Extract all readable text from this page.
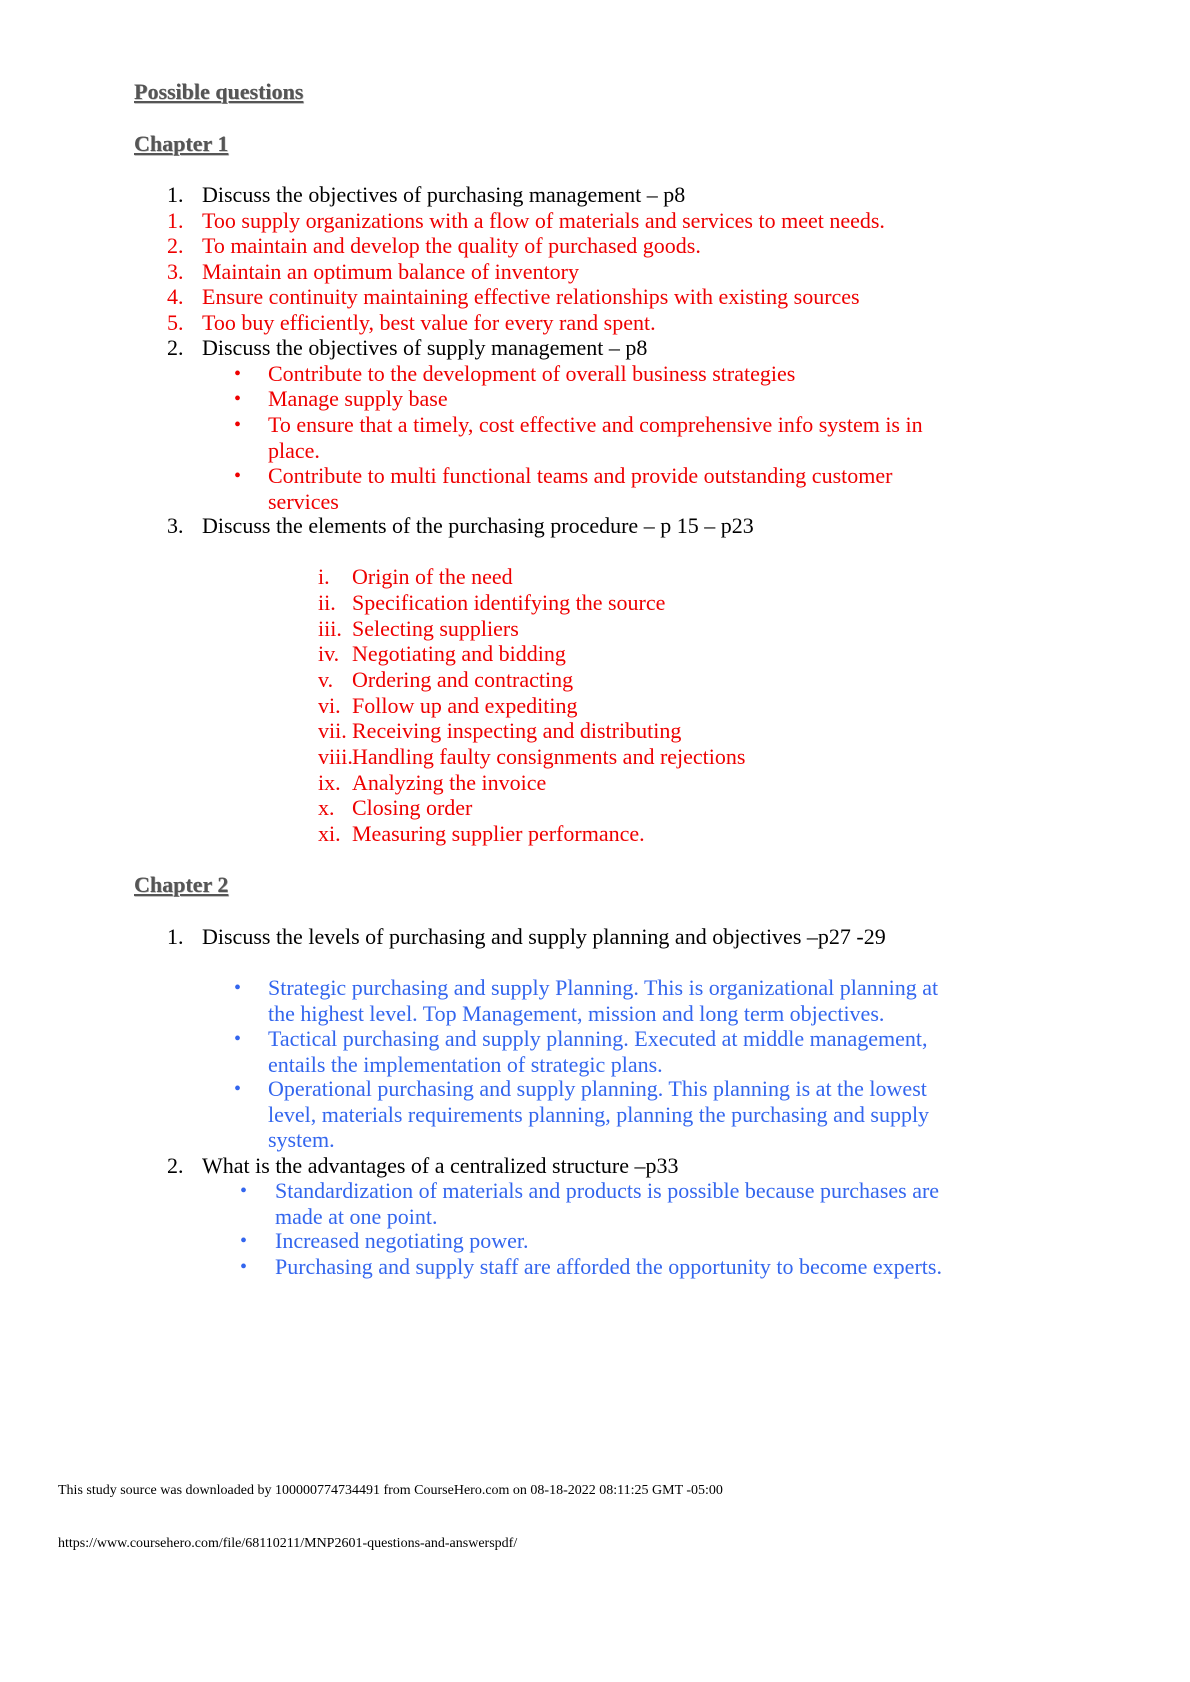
Possible questions
Chapter 1
1. Discuss the objectives of purchasing management – p8
1. Too supply organizations with a flow of materials and services to meet needs.
2. To maintain and develop the quality of purchased goods.
3. Maintain an optimum balance of inventory
4. Ensure continuity maintaining effective relationships with existing sources
5. Too buy efficiently, best value for every rand spent.
2. Discuss the objectives of supply management – p8
• Contribute to the development of overall business strategies
• Manage supply base
• To ensure that a timely, cost effective and comprehensive info system is in
place.
• Contribute to multi functional teams and provide outstanding customer
services
3. Discuss the elements of the purchasing procedure – p 15 – p23
i. Origin of the need
ii. Specification identifying the source
iii. Selecting suppliers
iv. Negotiating and bidding
v. Ordering and contracting
vi. Follow up and expediting
vii. Receiving inspecting and distributing
viii. Handling faulty consignments and rejections
ix. Analyzing the invoice
x. Closing order
xi. Measuring supplier performance.
Chapter 2
1. Discuss the levels of purchasing and supply planning and objectives –p27 -29
• Strategic purchasing and supply Planning. This is organizational planning at
the highest level. Top Management, mission and long term objectives.
• Tactical purchasing and supply planning. Executed at middle management,
entails the implementation of strategic plans.
• Operational purchasing and supply planning. This planning is at the lowest
level, materials requirements planning, planning the purchasing and supply
system.
2. What is the advantages of a centralized structure –p33
• Standardization of materials and products is possible because purchases are
made at one point.
• Increased negotiating power.
• Purchasing and supply staff are afforded the opportunity to become experts.
This study source was downloaded by 100000774734491 from CourseHero.com on 08-18-2022 08:11:25 GMT -05:00
https://www.coursehero.com/file/68110211/MNP2601-questions-and-answerspdf/
